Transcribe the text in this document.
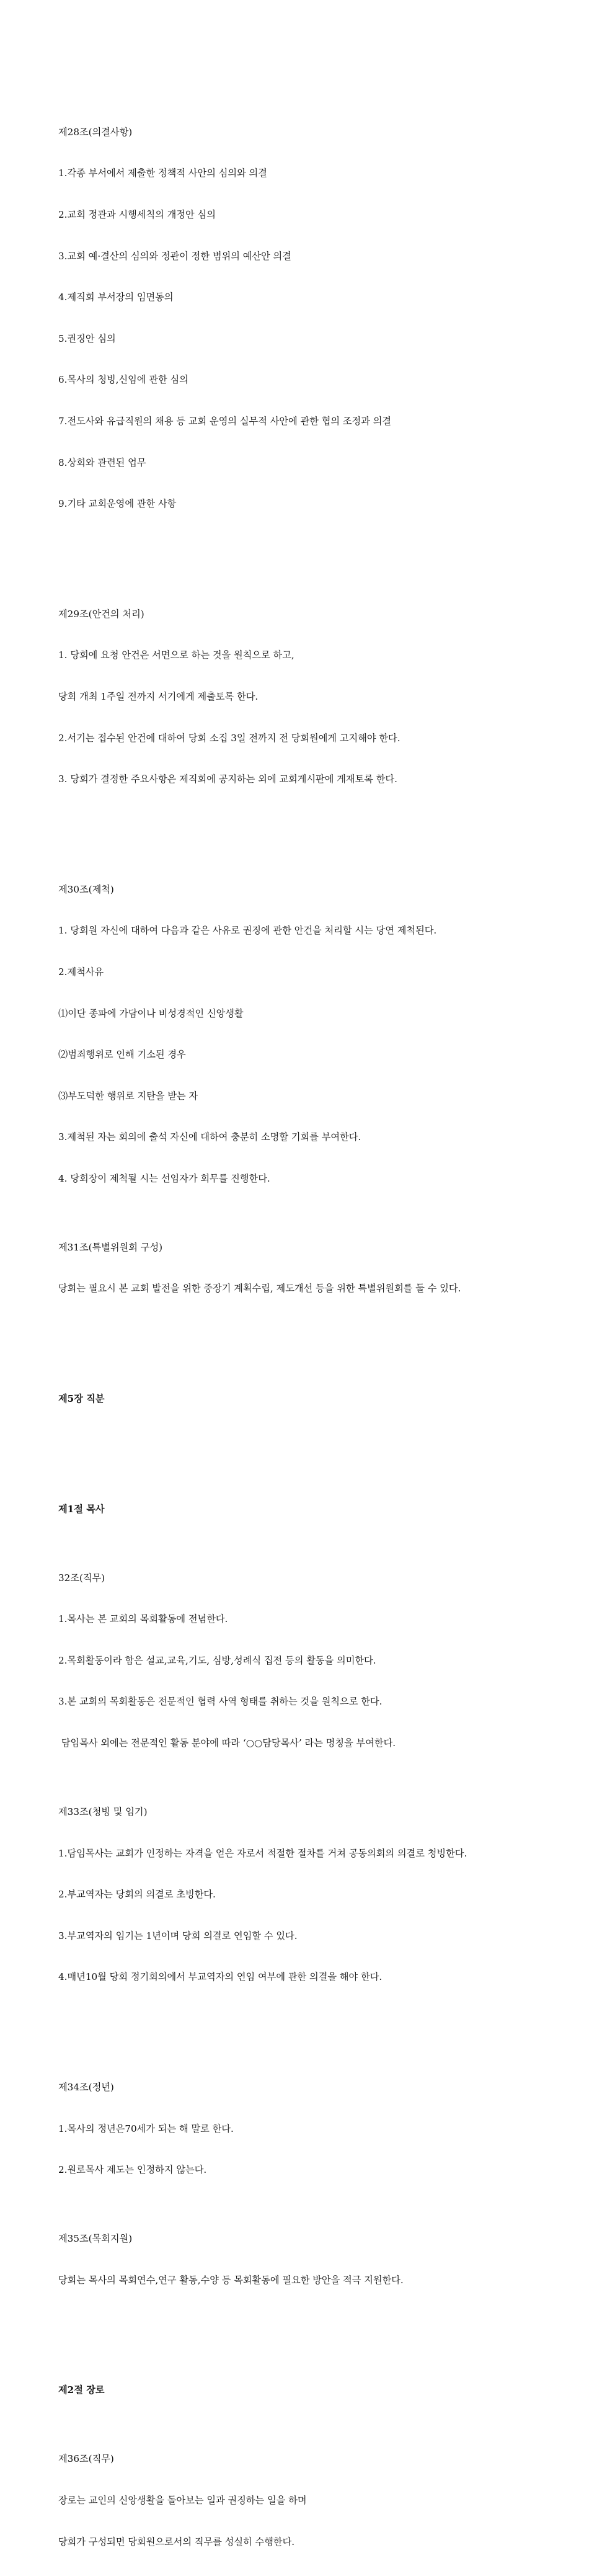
제28조(의결사항)

1.각종 부서에서 제출한 정책적 사안의 심의와 의결

2.교회 정관과 시행세칙의 개정안 심의

3.교회 예·결산의 심의와 정관이 정한 범위의 예산안 의결

4.제직회 부서장의 임면동의

5.권징안 심의

6.목사의 청빙,신임에 관한 심의

7.전도사와 유급직원의 채용 등 교회 운영의 실무적 사안에 관한 협의 조정과 의결

8.상회와 관련된 업무

9.기타 교회운영에 관한 사항

제29조(안건의 처리)

1. 당회에 요청 안건은 서면으로 하는 것을 원칙으로 하고,

당회 개최 1주일 전까지 서기에게 제출토록 한다.

2.서기는 접수된 안건에 대하여 당회 소집 3일 전까지 전 당회원에게 고지해야 한다.

3. 당회가 결정한 주요사항은 제직회에 공지하는 외에 교회게시판에 게재토록 한다.

제30조(제척)

1. 당회원 자신에 대하여 다음과 같은 사유로 권징에 관한 안건을 처리할 시는 당연 제척된다.

2.제척사유

⑴이단 종파에 가담이나 비성경적인 신앙생활

⑵범죄행위로 인해 기소된 경우

⑶부도덕한 행위로 지탄을 받는 자

3.제척된 자는 회의에 출석 자신에 대하여 충분히 소명할 기회를 부여한다.

4. 당회장이 제척될 시는 선임자가 회무를 진행한다.

제31조(특별위원회 구성)

당회는 필요시 본 교회 발전을 위한 중장기 계획수립, 제도개선 등을 위한 특별위원회를 둘 수 있다.

제5장 직분

제1절 목사

32조(직무)

1.목사는 본 교회의 목회활동에 전념한다.

2.목회활동이라 함은 설교,교육,기도, 심방,성례식 집전 등의 활동을 의미한다.

3.본 교회의 목회활동은 전문적인 협력 사역 형태를 취하는 것을 원칙으로 한다.

담임목사 외에는 전문적인 활동 분야에 따라 ‘○○담당목사’ 라는 명칭을 부여한다.

제33조(청빙 및 임기)

1.담임목사는 교회가 인정하는 자격을 얻은 자로서 적절한 절차를 거쳐 공동의회의 의결로 청빙한다.

2.부교역자는 당회의 의결로 초빙한다.

3.부교역자의 임기는 1년이며 당회 의결로 연임할 수 있다.

4.매년10월 당회 정기회의에서 부교역자의 연임 여부에 관한 의결을 해야 한다.

제34조(정년)

1.목사의 정년은70세가 되는 해 말로 한다.

2.원로목사 제도는 인정하지 않는다.

제35조(목회지원)

당회는 목사의 목회연수,연구 활동,수양 등 목회활동에 필요한 방안을 적극 지원한다.

제2절 장로

제36조(직무)

장로는 교인의 신앙생활을 돌아보는 일과 권징하는 일을 하며

당회가 구성되면 당회원으로서의 직무를 성실히 수행한다.
